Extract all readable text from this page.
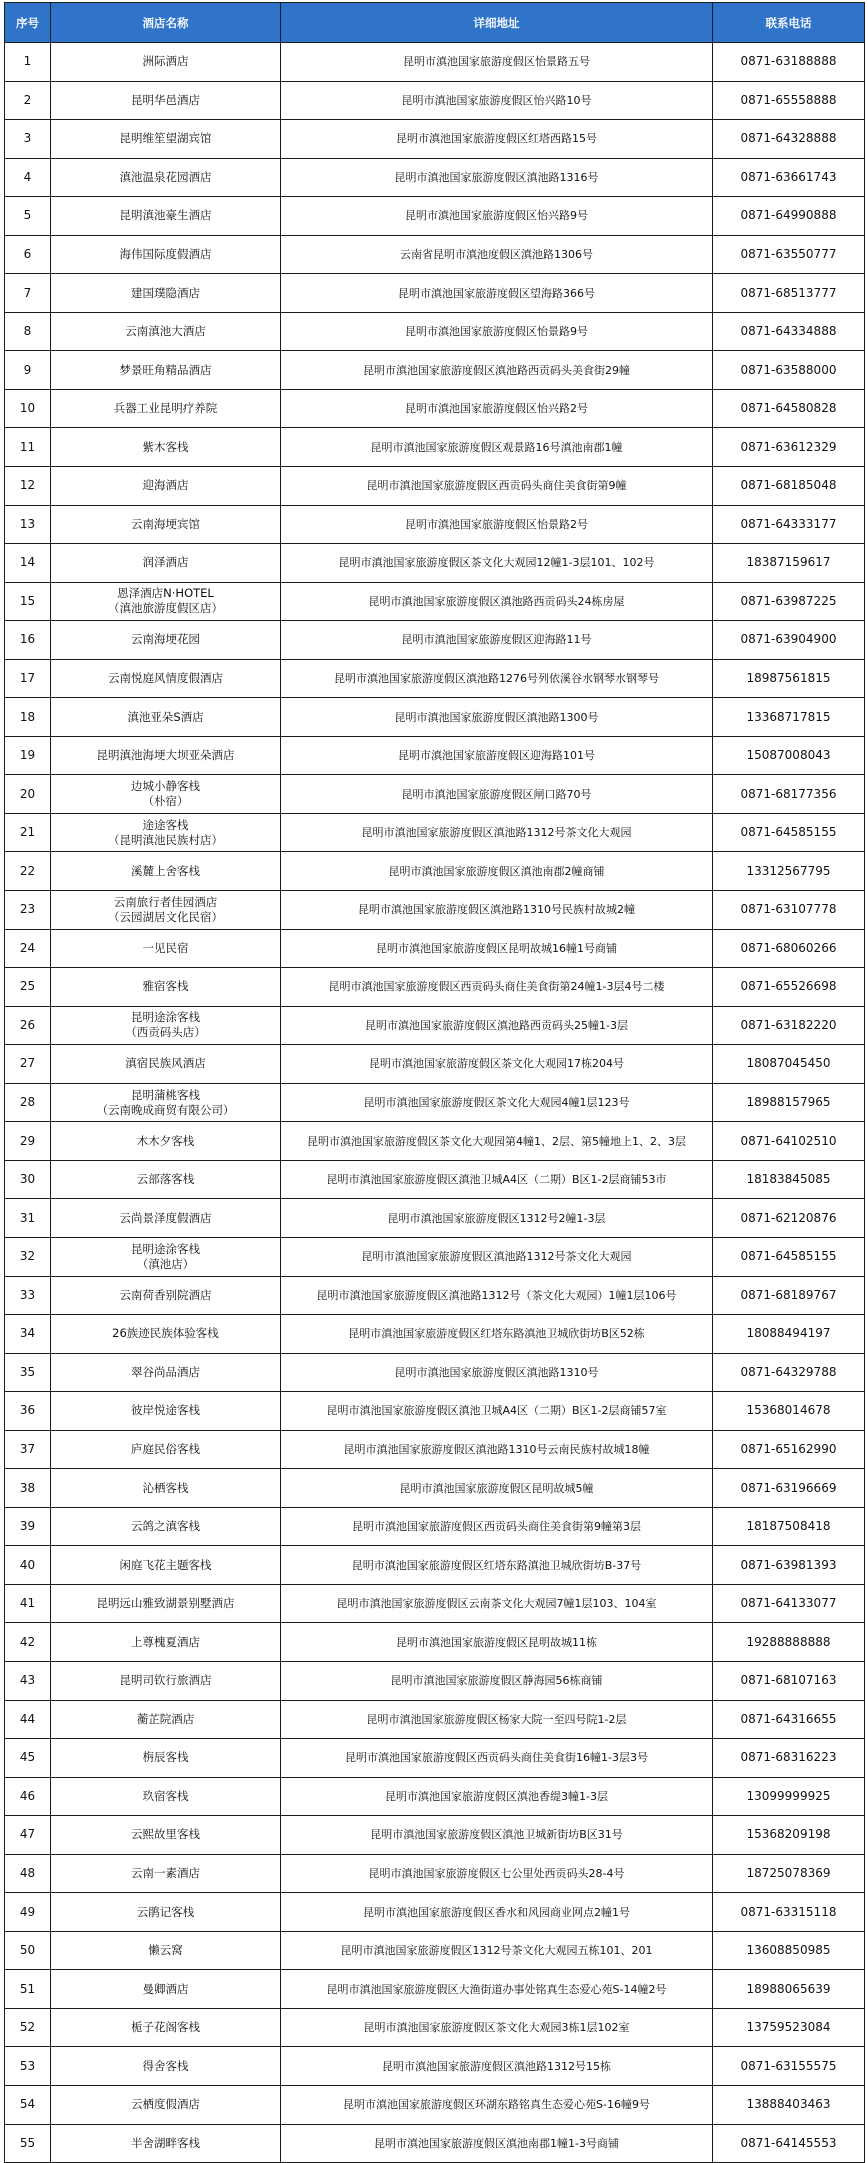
序号	酒店名称	详细地址	联系电话
1	洲际酒店	昆明市滇池国家旅游度假区怡景路五号	0871-63188888
2	昆明华邑酒店	昆明市滇池国家旅游度假区怡兴路10号	0871-65558888
3	昆明维笙望湖宾馆	昆明市滇池国家旅游度假区红塔西路15号	0871-64328888
4	滇池温泉花园酒店	昆明市滇池国家旅游度假区滇池路1316号	0871-63661743
5	昆明滇池豪生酒店	昆明市滇池国家旅游度假区怡兴路9号	0871-64990888
6	海伟国际度假酒店	云南省昆明市滇池度假区滇池路1306号	0871-63550777
7	建国璞隐酒店	昆明市滇池国家旅游度假区望海路366号	0871-68513777
8	云南滇池大酒店	昆明市滇池国家旅游度假区怡景路9号	0871-64334888
9	梦景旺角精品酒店	昆明市滇池国家旅游度假区滇池路西贡码头美食街29幢	0871-63588000
10	兵器工业昆明疗养院	昆明市滇池国家旅游度假区怡兴路2号	0871-64580828
11	紫木客栈	昆明市滇池国家旅游度假区观景路16号滇池南郡1幢	0871-63612329
12	迎海酒店	昆明市滇池国家旅游度假区西贡码头商住美食街第9幢	0871-68185048
13	云南海埂宾馆	昆明市滇池国家旅游度假区怡景路2号	0871-64333177
14	润泽酒店	昆明市滇池国家旅游度假区茶文化大观园12幢1-3层101、102号	18387159617
15	恩泽酒店N·HOTEL
（滇池旅游度假区店）	昆明市滇池国家旅游度假区滇池路西贡码头24栋房屋	0871-63987225
16	云南海埂花园	昆明市滇池国家旅游度假区迎海路11号	0871-63904900
17	云南悦庭风情度假酒店	昆明市滇池国家旅游度假区滇池路1276号列依溪谷水钢琴水钢琴号	18987561815
18	滇池亚朵S酒店	昆明市滇池国家旅游度假区滇池路1300号	13368717815
19	昆明滇池海埂大坝亚朵酒店	昆明市滇池国家旅游度假区迎海路101号	15087008043
20	边城小静客栈
（朴宿）	昆明市滇池国家旅游度假区闸口路70号	0871-68177356
21	途途客栈
（昆明滇池民族村店）	昆明市滇池国家旅游度假区滇池路1312号茶文化大观园	0871-64585155
22	溪麓上舍客栈	昆明市滇池国家旅游度假区滇池南郡2幢商铺	13312567795
23	云南旅行者佳园酒店
（云园湖居文化民宿）	昆明市滇池国家旅游度假区滇池路1310号民族村故城2幢	0871-63107778
24	一见民宿	昆明市滇池国家旅游度假区昆明故城16幢1号商铺	0871-68060266
25	雅宿客栈	昆明市滇池国家旅游度假区西贡码头商住美食街第24幢1-3层4号二楼	0871-65526698
26	昆明途涂客栈
（西贡码头店）	昆明市滇池国家旅游度假区滇池路西贡码头25幢1-3层	0871-63182220
27	滇宿民族风酒店	昆明市滇池国家旅游度假区茶文化大观园17栋204号	18087045450
28	昆明蒲桃客栈
（云南晚成商贸有限公司）	昆明市滇池国家旅游度假区茶文化大观园4幢1层123号	18988157965
29	木木夕客栈	昆明市滇池国家旅游度假区茶文化大观园第4幢1、2层、第5幢地上1、2、3层	0871-64102510
30	云部落客栈	昆明市滇池国家旅游度假区滇池卫城A4区（二期）B区1-2层商铺53市	18183845085
31	云尚景泽度假酒店	昆明市滇池国家旅游度假区1312号2幢1-3层	0871-62120876
32	昆明途涂客栈
（滇池店）	昆明市滇池国家旅游度假区滇池路1312号茶文化大观园	0871-64585155
33	云南荷香别院酒店	昆明市滇池国家旅游度假区滇池路1312号（茶文化大观园）1幢1层106号	0871-68189767
34	26族迹民族体验客栈	昆明市滇池国家旅游度假区红塔东路滇池卫城欣街坊B区52栋	18088494197
35	翠谷尚品酒店	昆明市滇池国家旅游度假区滇池路1310号	0871-64329788
36	彼岸悦途客栈	昆明市滇池国家旅游度假区滇池卫城A4区（二期）B区1-2层商铺57室	15368014678
37	庐庭民俗客栈	昆明市滇池国家旅游度假区滇池路1310号云南民族村故城18幢	0871-65162990
38	沁栖客栈	昆明市滇池国家旅游度假区昆明故城5幢	0871-63196669
39	云鸽之滇客栈	昆明市滇池国家旅游度假区西贡码头商住美食街第9幢第3层	18187508418
40	闲庭飞花主题客栈	昆明市滇池国家旅游度假区红塔东路滇池卫城欣街坊B-37号	0871-63981393
41	昆明远山雅致湖景别墅酒店	昆明市滇池国家旅游度假区云南茶文化大观园7幢1层103、104室	0871-64133077
42	上尊槐夏酒店	昆明市滇池国家旅游度假区昆明故城11栋	19288888888
43	昆明司钦行旅酒店	昆明市滇池国家旅游度假区静海园56栋商铺	0871-68107163
44	蘅芷院酒店	昆明市滇池国家旅游度假区杨家大院一至四号院1-2层	0871-64316655
45	栴辰客栈	昆明市滇池国家旅游度假区西贡码头商住美食街16幢1-3层3号	0871-68316223
46	玖宿客栈	昆明市滇池国家旅游度假区滇池香缇3幢1-3层	13099999925
47	云熙故里客栈	昆明市滇池国家旅游度假区滇池卫城新街坊B区31号	15368209198
48	云南一素酒店	昆明市滇池国家旅游度假区七公里处西贡码头28-4号	18725078369
49	云鹃记客栈	昆明市滇池国家旅游度假区香水和风园商业网点2幢1号	0871-63315118
50	懒云窝	昆明市滇池国家旅游度假区1312号茶文化大观园五栋101、201	13608850985
51	曼卿酒店	昆明市滇池国家旅游度假区大渔街道办事处铭真生态爱心苑S-14幢2号	18988065639
52	栀子花阁客栈	昆明市滇池国家旅游度假区茶文化大观园3栋1层102室	13759523084
53	得舍客栈	昆明市滇池国家旅游度假区滇池路1312号15栋	0871-63155575
54	云栖度假酒店	昆明市滇池国家旅游度假区环湖东路铭真生态爱心苑S-16幢9号	13888403463
55	半舍湖畔客栈	昆明市滇池国家旅游度假区滇池南郡1幢1-3号商铺	0871-64145553
